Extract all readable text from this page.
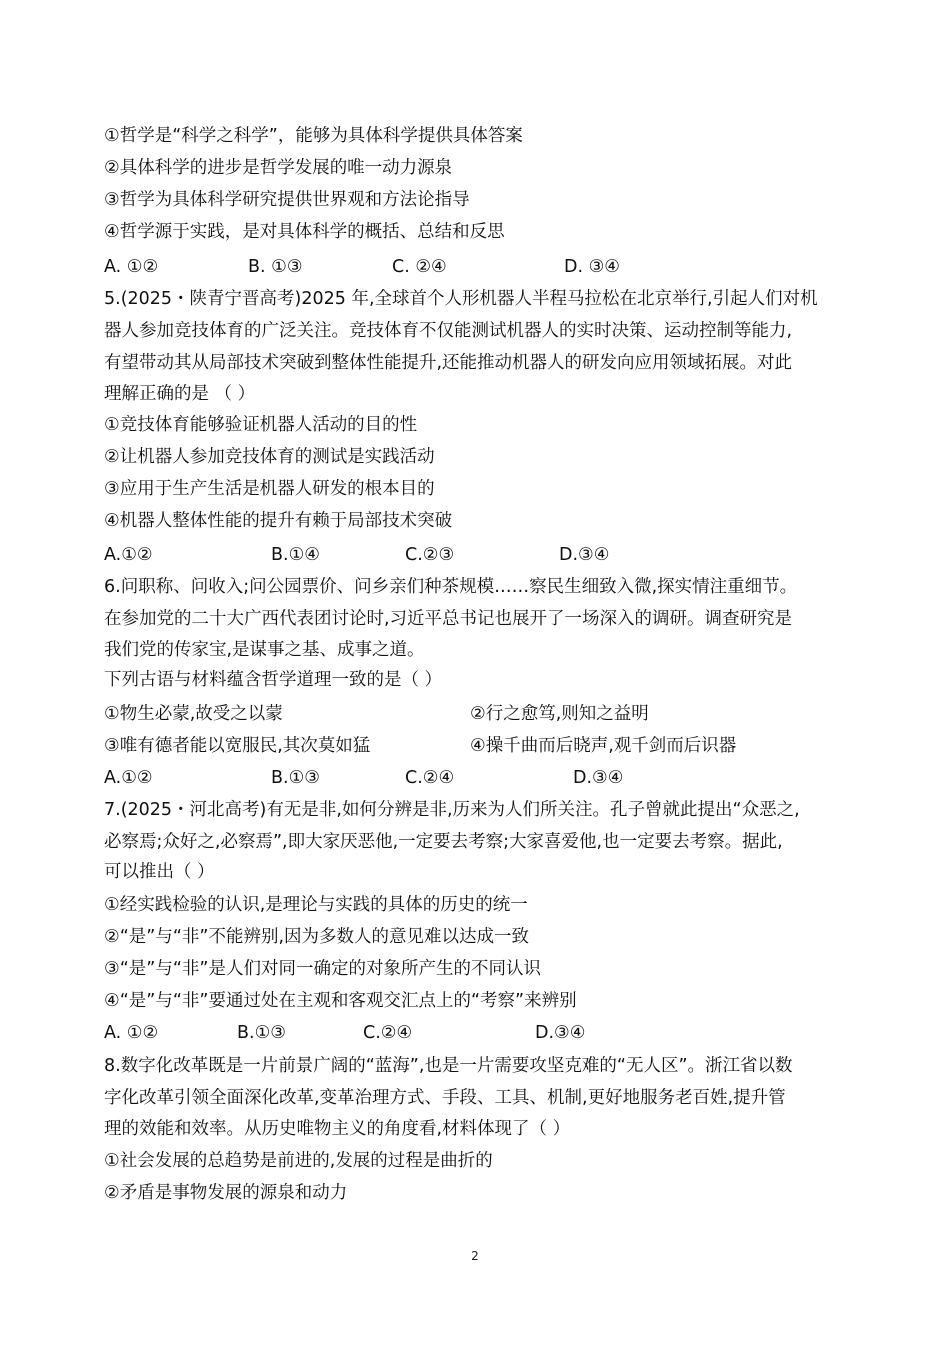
①哲学是“科学之科学”，能够为具体科学提供具体答案
②具体科学的进步是哲学发展的唯一动力源泉
③哲学为具体科学研究提供世界观和方法论指导
④哲学源于实践，是对具体科学的概括、总结和反思
A. ①②	B. ①③	C. ②④	D. ③④
5.(2025・陕青宁晋高考)2025 年,全球首个人形机器人半程马拉松在北京举行,引起人们对机
器人参加竞技体育的广泛关注。竞技体育不仅能测试机器人的实时决策、运动控制等能力,
有望带动其从局部技术突破到整体性能提升,还能推动机器人的研发向应用领域拓展。对此
理解正确的是 （ ）
①竞技体育能够验证机器人活动的目的性
②让机器人参加竞技体育的测试是实践活动
③应用于生产生活是机器人研发的根本目的
④机器人整体性能的提升有赖于局部技术突破
A.①②	B.①④	C.②③	D.③④
6.问职称、问收入;问公园票价、问乡亲们种茶规模……察民生细致入微,探实情注重细节。
在参加党的二十大广西代表团讨论时,习近平总书记也展开了一场深入的调研。调查研究是
我们党的传家宝,是谋事之基、成事之道。
下列古语与材料蕴含哲学道理一致的是（ ）
①物生必蒙,故受之以蒙	②行之愈笃,则知之益明
③唯有德者能以宽服民,其次莫如猛	④操千曲而后晓声,观千剑而后识器
A.①②	B.①③	C.②④	D.③④
7.(2025・河北高考)有无是非,如何分辨是非,历来为人们所关注。孔子曾就此提出“众恶之,
必察焉;众好之,必察焉”,即大家厌恶他,一定要去考察;大家喜爱他,也一定要去考察。据此,
可以推出（ ）
①经实践检验的认识,是理论与实践的具体的历史的统一
②“是”与“非”不能辨别,因为多数人的意见难以达成一致
③“是”与“非”是人们对同一确定的对象所产生的不同认识
④“是”与“非”要通过处在主观和客观交汇点上的“考察”来辨别
A. ①②	B.①③	C.②④	D.③④
8.数字化改革既是一片前景广阔的“蓝海”,也是一片需要攻坚克难的“无人区”。浙江省以数
字化改革引领全面深化改革,变革治理方式、手段、工具、机制,更好地服务老百姓,提升管
理的效能和效率。从历史唯物主义的角度看,材料体现了（ ）
①社会发展的总趋势是前进的,发展的过程是曲折的
②矛盾是事物发展的源泉和动力
2
